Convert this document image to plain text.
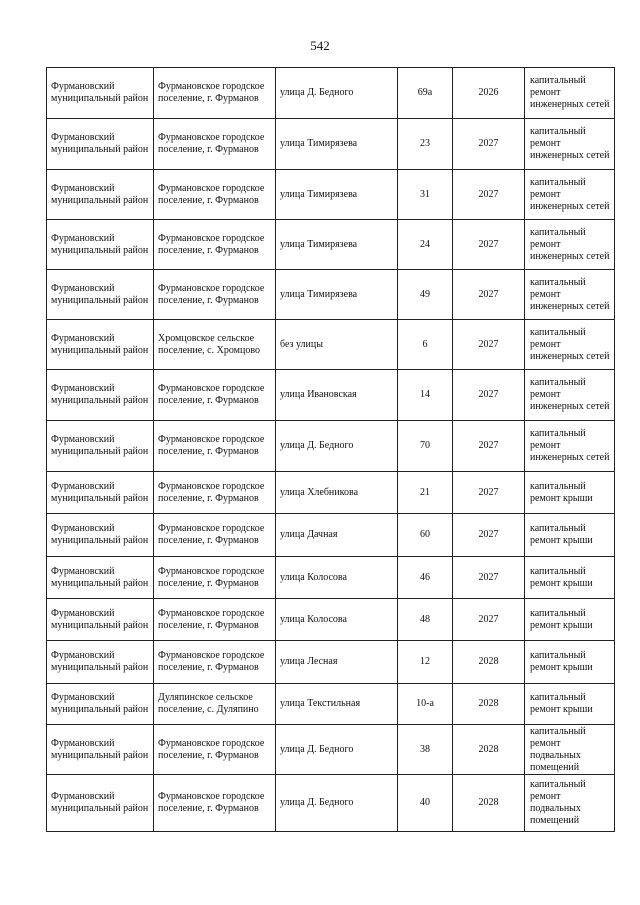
542
Фурмановский муниципальный район	Фурмановское городское поселение, г. Фурманов	улица Д. Бедного	69а	2026	капитальный ремонт инженерных сетей
Фурмановский муниципальный район	Фурмановское городское поселение, г. Фурманов	улица Тимирязева	23	2027	капитальный ремонт инженерных сетей
Фурмановский муниципальный район	Фурмановское городское поселение, г. Фурманов	улица Тимирязева	31	2027	капитальный ремонт инженерных сетей
Фурмановский муниципальный район	Фурмановское городское поселение, г. Фурманов	улица Тимирязева	24	2027	капитальный ремонт инженерных сетей
Фурмановский муниципальный район	Фурмановское городское поселение, г. Фурманов	улица Тимирязева	49	2027	капитальный ремонт инженерных сетей
Фурмановский муниципальный район	Хромцовское сельское поселение, с. Хромцово	без улицы	6	2027	капитальный ремонт инженерных сетей
Фурмановский муниципальный район	Фурмановское городское поселение, г. Фурманов	улица Ивановская	14	2027	капитальный ремонт инженерных сетей
Фурмановский муниципальный район	Фурмановское городское поселение, г. Фурманов	улица Д. Бедного	70	2027	капитальный ремонт инженерных сетей
Фурмановский муниципальный район	Фурмановское городское поселение, г. Фурманов	улица Хлебникова	21	2027	капитальный ремонт крыши
Фурмановский муниципальный район	Фурмановское городское поселение, г. Фурманов	улица Дачная	60	2027	капитальный ремонт крыши
Фурмановский муниципальный район	Фурмановское городское поселение, г. Фурманов	улица Колосова	46	2027	капитальный ремонт крыши
Фурмановский муниципальный район	Фурмановское городское поселение, г. Фурманов	улица Колосова	48	2027	капитальный ремонт крыши
Фурмановский муниципальный район	Фурмановское городское поселение, г. Фурманов	улица Лесная	12	2028	капитальный ремонт крыши
Фурмановский муниципальный район	Дуляпинское сельское поселение, с. Дуляпино	улица Текстильная	10-а	2028	капитальный ремонт крыши
Фурмановский муниципальный район	Фурмановское городское поселение, г. Фурманов	улица Д. Бедного	38	2028	капитальный ремонт подвальных помещений
Фурмановский муниципальный район	Фурмановское городское поселение, г. Фурманов	улица Д. Бедного	40	2028	капитальный ремонт подвальных помещений
